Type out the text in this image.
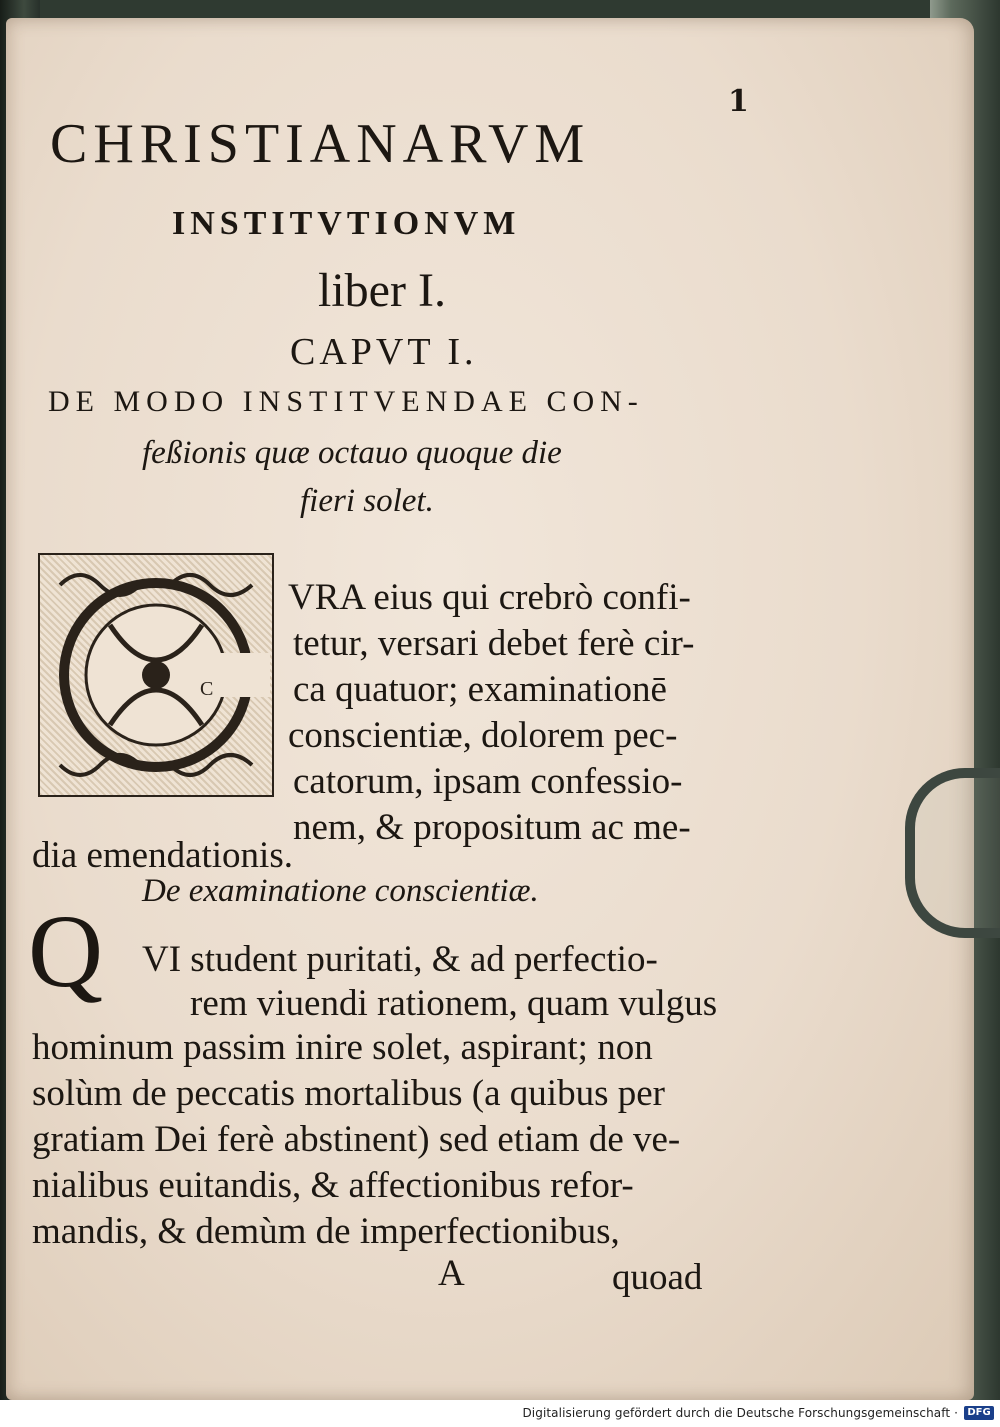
1
CHRISTIANARVM
INSTITVTIONVM
liber I.
CAPVT I.
DE MODO INSTITVENDAE CON-
feßionis quæ octauo quoque die
fieri solet.
C
VRA eius qui crebrò confi-
tetur, versari debet ferè cir-
ca quatuor; examinationē
conscientiæ, dolorem pec-
catorum, ipsam confessio-
nem, & propositum ac me-
dia emendationis.
De examinatione conscientiæ.
Q VI student puritati, & ad perfectio-
rem viuendi rationem, quam vulgus
hominum passim inire solet, aspirant; non
solùm de peccatis mortalibus (a quibus per
gratiam Dei ferè abstinent) sed etiam de ve-
nialibus euitandis, & affectionibus refor-
mandis, & demùm de imperfectionibus,
A	quoad
Digitalisierung gefördert durch die Deutsche Forschungsgemeinschaft · DFG
